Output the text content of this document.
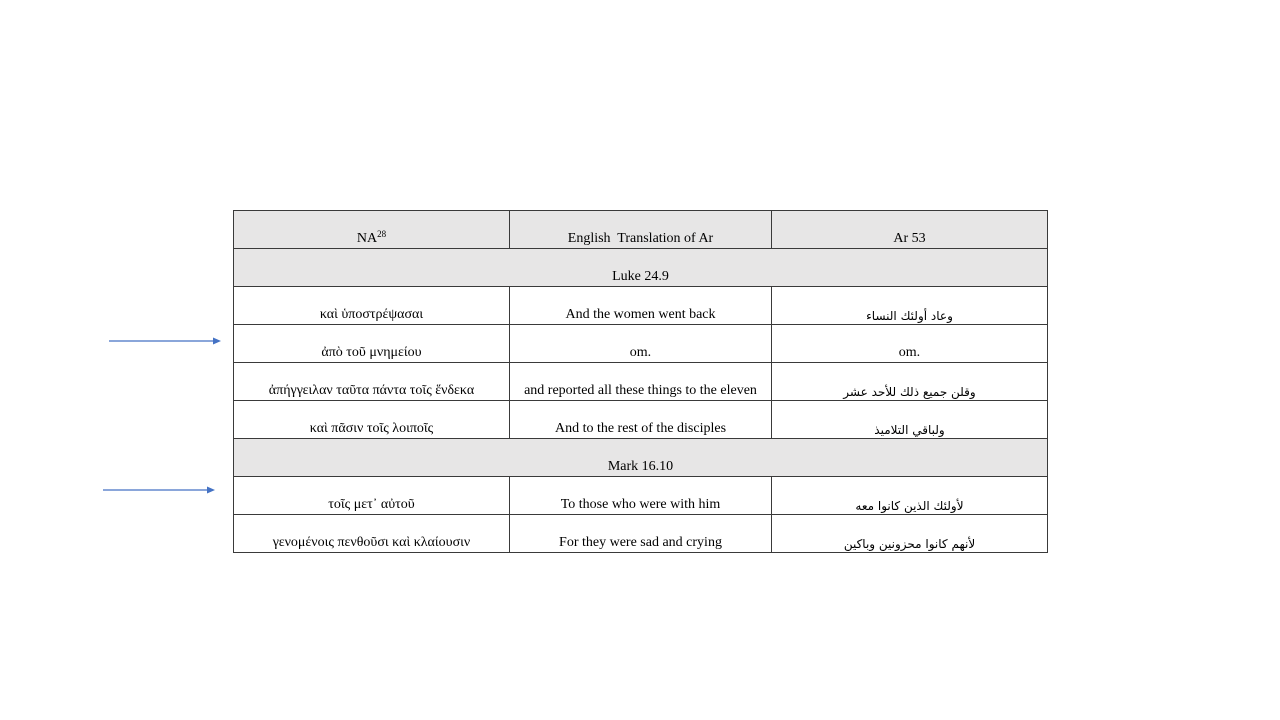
NA$^{28}$	English  Translation of Ar	Ar 53
Luke 24.9		
καὶ ὑποστρέψασαι	And the women went back	وعاد أولئك النساء
ἀπὸ τοῦ μνημείου	om.	om.
ἀπήγγειλαν ταῦτα πάντα τοῖς ἕνδεκα	and reported all these things to the eleven	وقلن جميع ذلك للأحد عشر
καὶ πᾶσιν τοῖς λοιποῖς	And to the rest of the disciples	ولباقي التلاميذ
Mark 16.10		
τοῖς μετ᾽ αὐτοῦ	To those who were with him	لأولئك الذين كانوا معه
γενομένοις πενθοῦσι καὶ κλαίουσιν	For they were sad and crying	لأنهم كانوا محزونين وباكين
